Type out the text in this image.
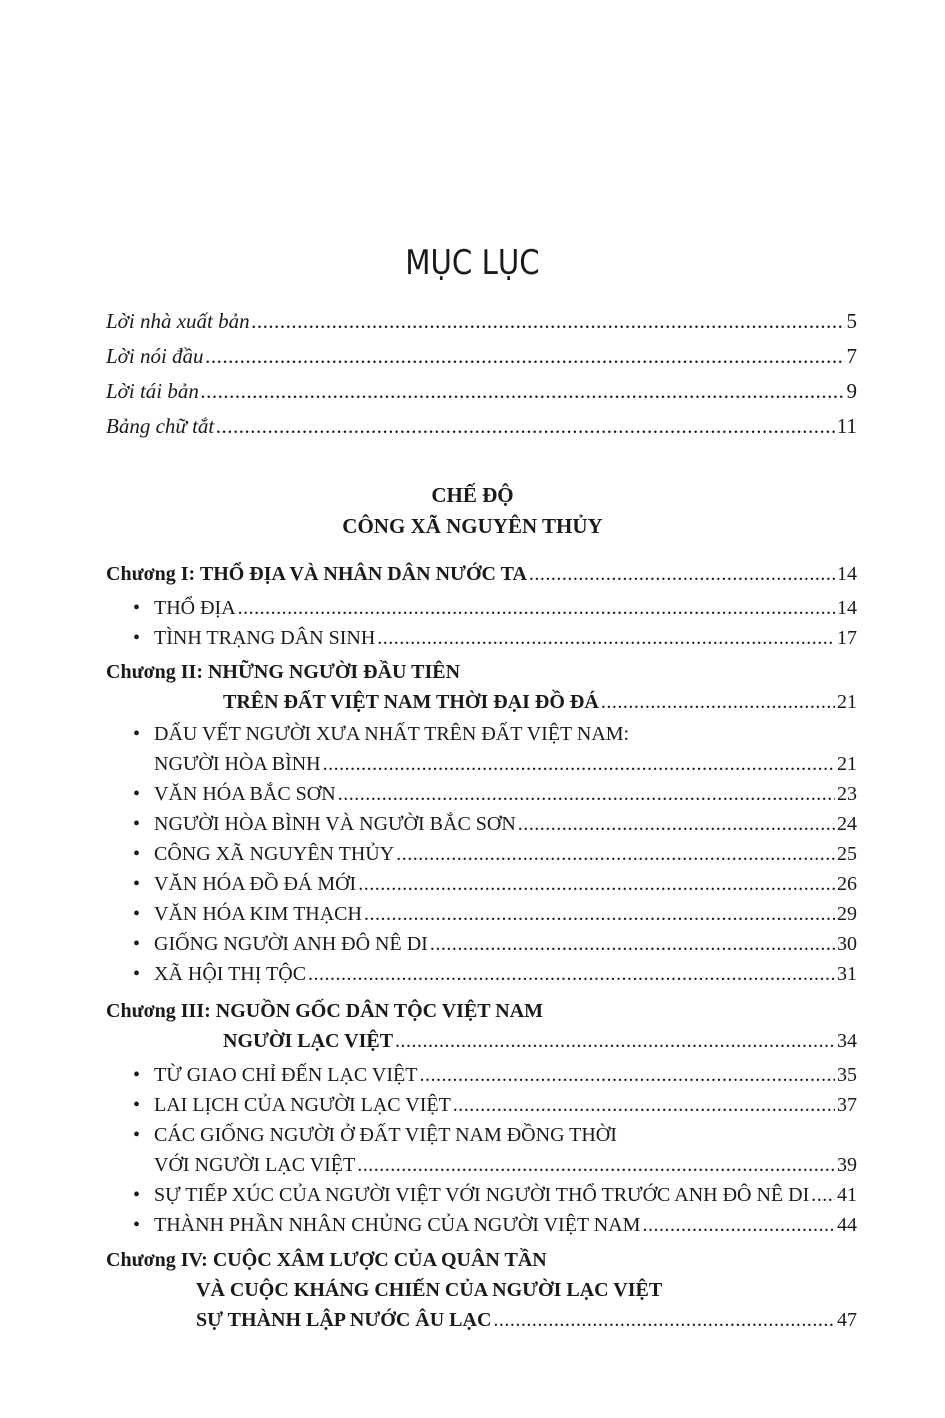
MỤC LỤC
Lời nhà xuất bản .....	5
Lời nói đầu .....	7
Lời tái bản .....	9
Bảng chữ tắt .....	11
CHẾ ĐỘ
CÔNG XÃ NGUYÊN THỦY
Chương I: THỔ ĐỊA VÀ NHÂN DÂN NƯỚC TA .....	14
• THỔ ĐỊA .....	14
• TÌNH TRẠNG DÂN SINH .....	17
Chương II: NHỮNG NGƯỜI ĐẦU TIÊN
TRÊN ĐẤT VIỆT NAM THỜI ĐẠI ĐỒ ĐÁ .....	21
• DẤU VẾT NGƯỜI XƯA NHẤT TRÊN ĐẤT VIỆT NAM:
NGƯỜI HÒA BÌNH .....	21
• VĂN HÓA BẮC SƠN .....	23
• NGƯỜI HÒA BÌNH VÀ NGƯỜI BẮC SƠN .....	24
• CÔNG XÃ NGUYÊN THỦY .....	25
• VĂN HÓA ĐỒ ĐÁ MỚI .....	26
• VĂN HÓA KIM THẠCH .....	29
• GIỐNG NGƯỜI ANH ĐÔ NÊ DI .....	30
• XÃ HỘI THỊ TỘC .....	31
Chương III: NGUỒN GỐC DÂN TỘC VIỆT NAM
NGƯỜI LẠC VIỆT .....	34
• TỪ GIAO CHỈ ĐẾN LẠC VIỆT .....	35
• LAI LỊCH CỦA NGƯỜI LẠC VIỆT .....	37
• CÁC GIỐNG NGƯỜI Ở ĐẤT VIỆT NAM ĐỒNG THỜI
VỚI NGƯỜI LẠC VIỆT .....	39
• SỰ TIẾP XÚC CỦA NGƯỜI VIỆT VỚI NGƯỜI THỔ TRƯỚC ANH ĐÔ NÊ DI ..... 41
• THÀNH PHẦN NHÂN CHỦNG CỦA NGƯỜI VIỆT NAM .....	44
Chương IV: CUỘC XÂM LƯỢC CỦA QUÂN TẦN
VÀ CUỘC KHÁNG CHIẾN CỦA NGƯỜI LẠC VIỆT
SỰ THÀNH LẬP NƯỚC ÂU LẠC .....	47
